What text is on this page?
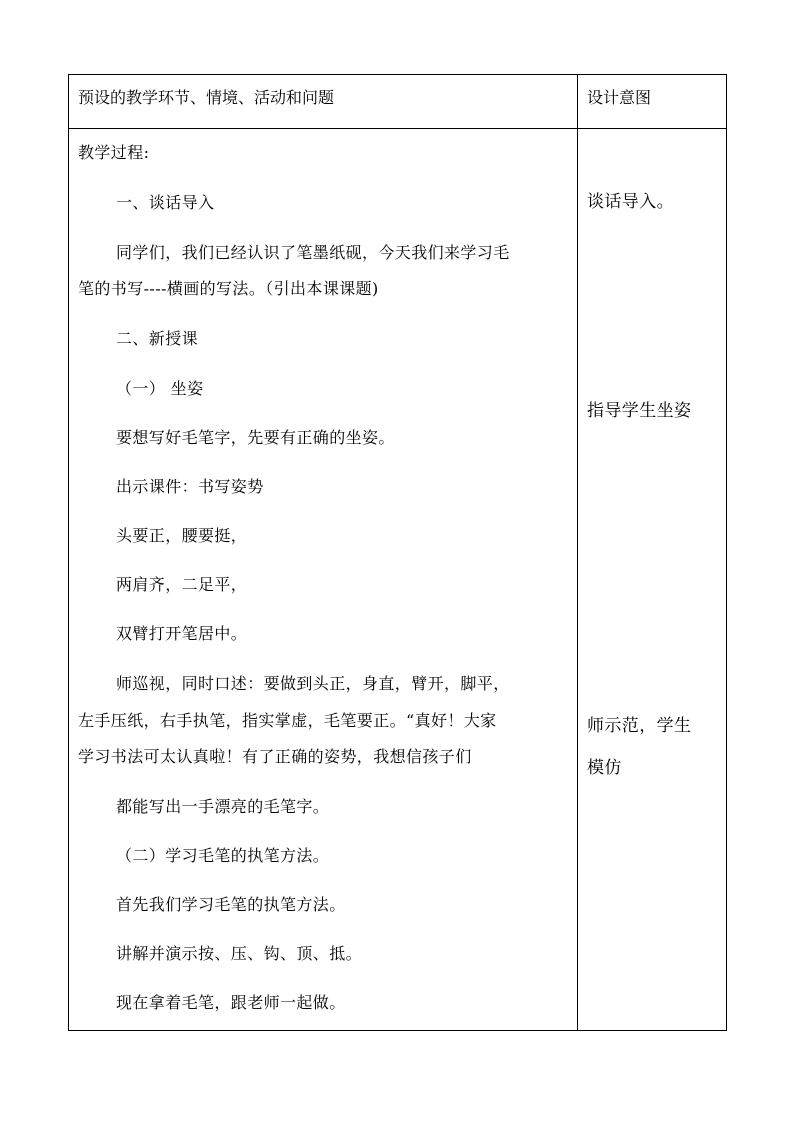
预设的教学环节、情境、活动和问题	设计意图
教学过程:
一、谈话导入
同学们，我们已经认识了笔墨纸砚，今天我们来学习毛
笔的书写----横画的写法。（引出本课课题)
二、新授课
（一） 坐姿
要想写好毛笔字，先要有正确的坐姿。
出示课件：书写姿势
头要正，腰要挺，
两肩齐，二足平，
双臂打开笔居中。
师巡视，同时口述：要做到头正，身直，臂开，脚平，
左手压纸，右手执笔，指实掌虚，毛笔要正。“真好！大家
学习书法可太认真啦！有了正确的姿势，我想信孩子们
都能写出一手漂亮的毛笔字。
（二）学习毛笔的执笔方法。
首先我们学习毛笔的执笔方法。
讲解并演示按、压、钩、顶、抵。
现在拿着毛笔，跟老师一起做。
谈话导入。
指导学生坐姿
师示范，学生
模仿
